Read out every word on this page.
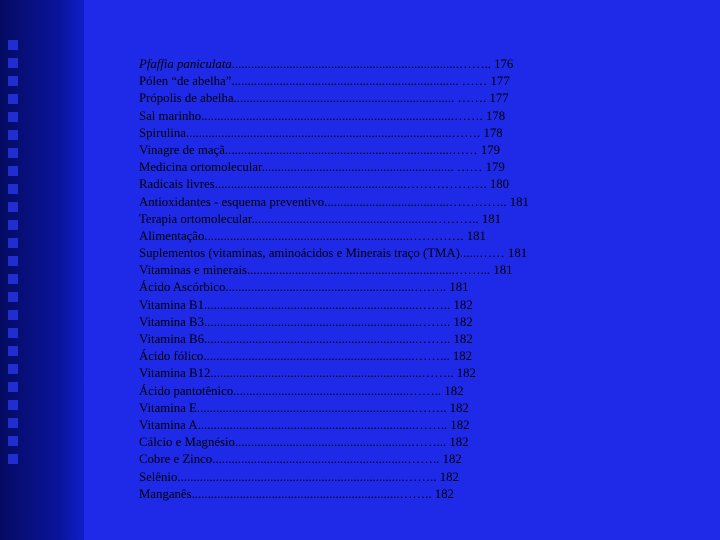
Pfaffia paniculata.......................................................................…….. 176
Pólen “de abelha”....................................................................... …… 177
Própolis de abelha..................................................................... ……. 177
Sal marinho...............................................................................……. 178
Spirulina...................................................................................……. 178
Vinagre de maçã.......................................................................…… 179
Medicina ortomolecular............................................................ …… 179
Radicais livres............................................................………………. 180
Antioxidantes - esquema preventivo.......................................………….. 181
Terapia ortomolecular.........................................................……….. 181
Alimentação................................................................…………. 181
Suplementos (vitaminas, aminoácidos e Minerais traço (TMA)......…… 181
Vitaminas e minerais.................................................................……... 181
Ácido Ascórbico...........................................................…….. 181
Vitamina B1...................................................................…….. 182
Vitamina B3...................................................................…….. 182
Vitamina B6...................................................................…….. 182
Ácido fólico..................................................................……... 182
Vitamina B12..................................................................…….. 182
Ácido pantotênico.......................................................…….. 182
Vitamina E....................................................................…….. 182
Vitamina A....................................................................…….. 182
Cálcio e Magnésio.......................................................……... 182
Cobre e Zinco.............................................................…….. 182
Selênio.......................................................................…….. 182
Manganês.................................................................…….. 182
